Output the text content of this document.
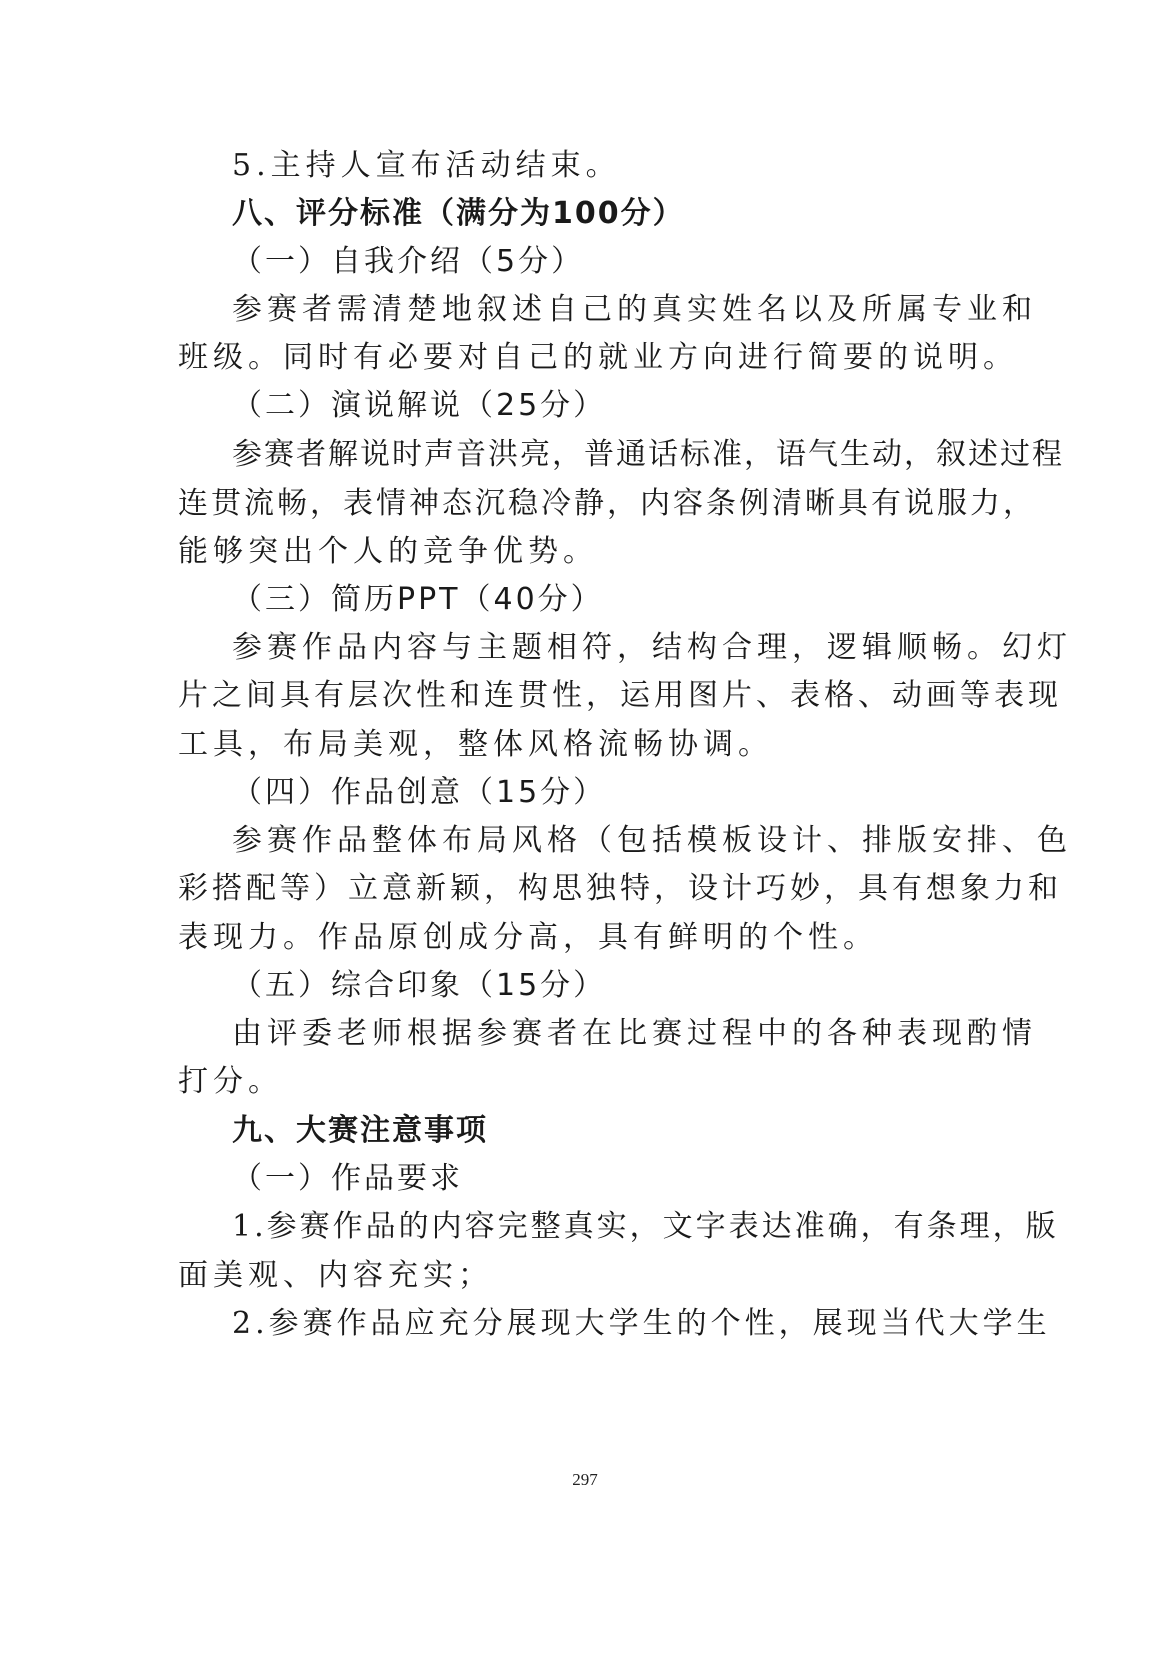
5.主持人宣布活动结束。
八、评分标准（满分为100分）
（一）自我介绍（5分）
参赛者需清楚地叙述自己的真实姓名以及所属专业和
班级。同时有必要对自己的就业方向进行简要的说明。
（二）演说解说（25分）
参赛者解说时声音洪亮，普通话标准，语气生动，叙述过程
连贯流畅，表情神态沉稳冷静，内容条例清晰具有说服力，
能够突出个人的竞争优势。
（三）简历PPT（40分）
参赛作品内容与主题相符，结构合理，逻辑顺畅。幻灯
片之间具有层次性和连贯性，运用图片、表格、动画等表现
工具，布局美观，整体风格流畅协调。
（四）作品创意（15分）
参赛作品整体布局风格（包括模板设计、排版安排、色
彩搭配等）立意新颖，构思独特，设计巧妙，具有想象力和
表现力。作品原创成分高，具有鲜明的个性。
（五）综合印象（15分）
由评委老师根据参赛者在比赛过程中的各种表现酌情
打分。
九、大赛注意事项
（一）作品要求
1.参赛作品的内容完整真实，文字表达准确，有条理，版
面美观、内容充实；
2.参赛作品应充分展现大学生的个性，展现当代大学生
297
